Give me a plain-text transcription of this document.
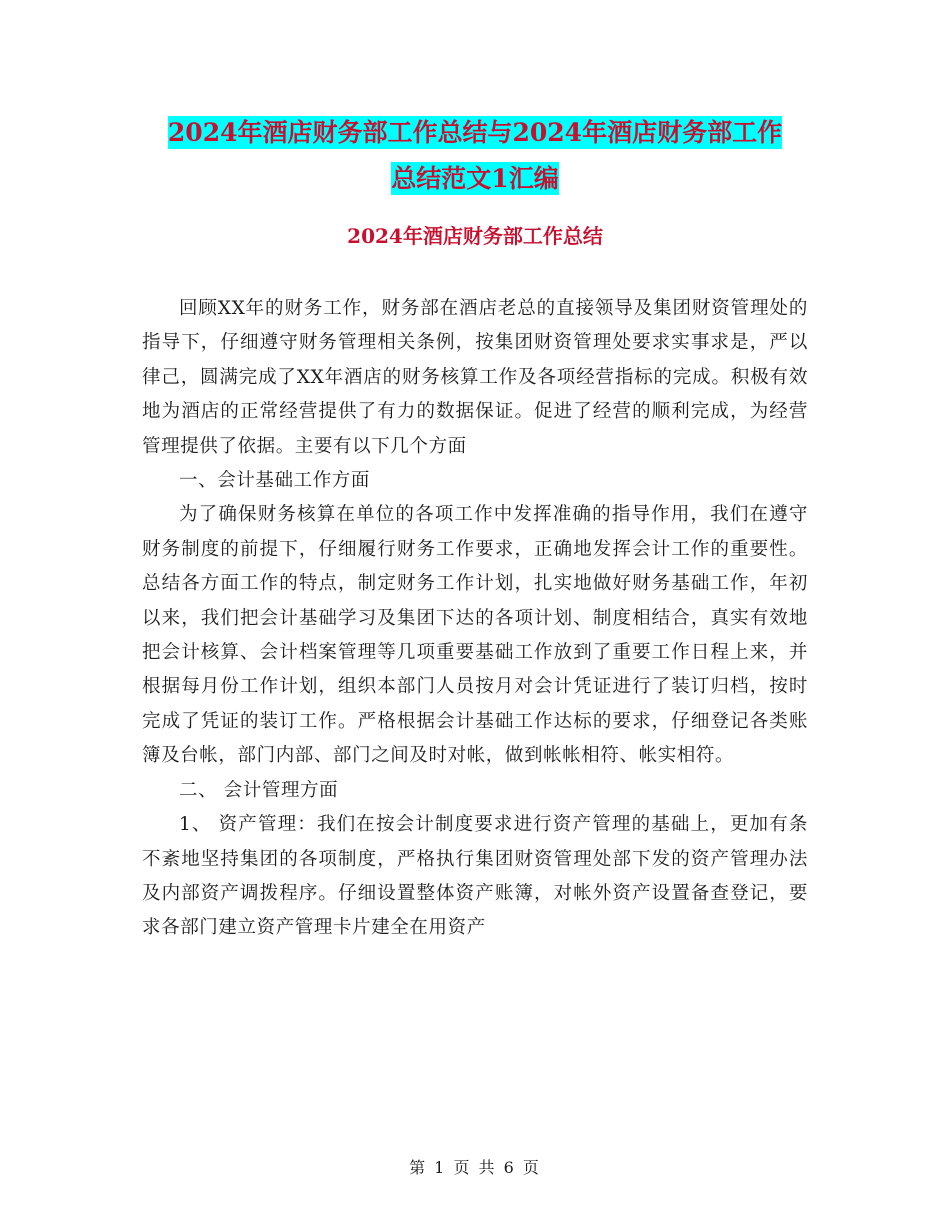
2024年酒店财务部工作总结与2024年酒店财务部工作
总结范文1汇编
2024年酒店财务部工作总结

回顾XX年的财务工作，财务部在酒店老总的直接领导及集团财资管理处的指导下，仔细遵守财务管理相关条例，按集团财资管理处要求实事求是，严以律己，圆满完成了XX年酒店的财务核算工作及各项经营指标的完成。积极有效地为酒店的正常经营提供了有力的数据保证。促进了经营的顺利完成，为经营管理提供了依据。主要有以下几个方面

一、会计基础工作方面

为了确保财务核算在单位的各项工作中发挥准确的指导作用，我们在遵守财务制度的前提下，仔细履行财务工作要求，正确地发挥会计工作的重要性。总结各方面工作的特点，制定财务工作计划，扎实地做好财务基础工作，年初以来，我们把会计基础学习及集团下达的各项计划、制度相结合，真实有效地把会计核算、会计档案管理等几项重要基础工作放到了重要工作日程上来，并根据每月份工作计划，组织本部门人员按月对会计凭证进行了装订归档，按时完成了凭证的装订工作。严格根据会计基础工作达标的要求，仔细登记各类账簿及台帐，部门内部、部门之间及时对帐，做到帐帐相符、帐实相符。

二、 会计管理方面

1、 资产管理：我们在按会计制度要求进行资产管理的基础上，更加有条不紊地坚持集团的各项制度，严格执行集团财资管理处部下发的资产管理办法及内部资产调拨程序。仔细设置整体资产账簿，对帐外资产设置备查登记，要求各部门建立资产管理卡片建全在用资产

第 1 页 共 6 页
